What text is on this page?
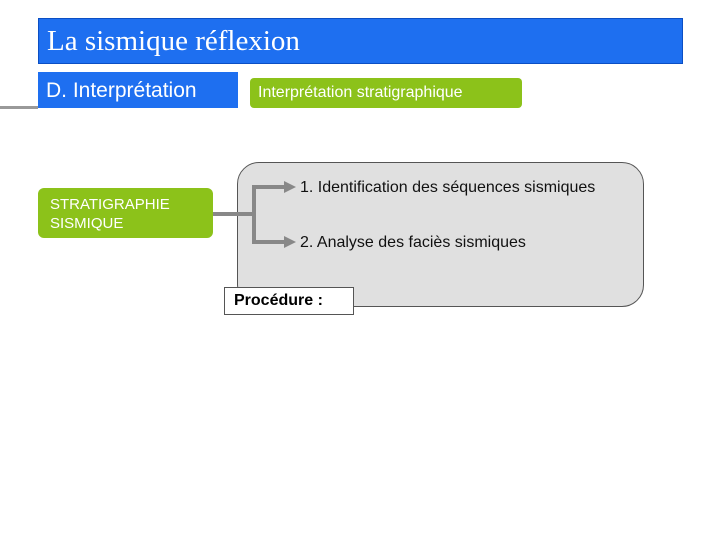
La sismique réflexion
D. Interprétation	Interprétation stratigraphique
STRATIGRAPHIE
SISMIQUE
1. Identification des séquences sismiques
2. Analyse des faciès sismiques
Procédure :
